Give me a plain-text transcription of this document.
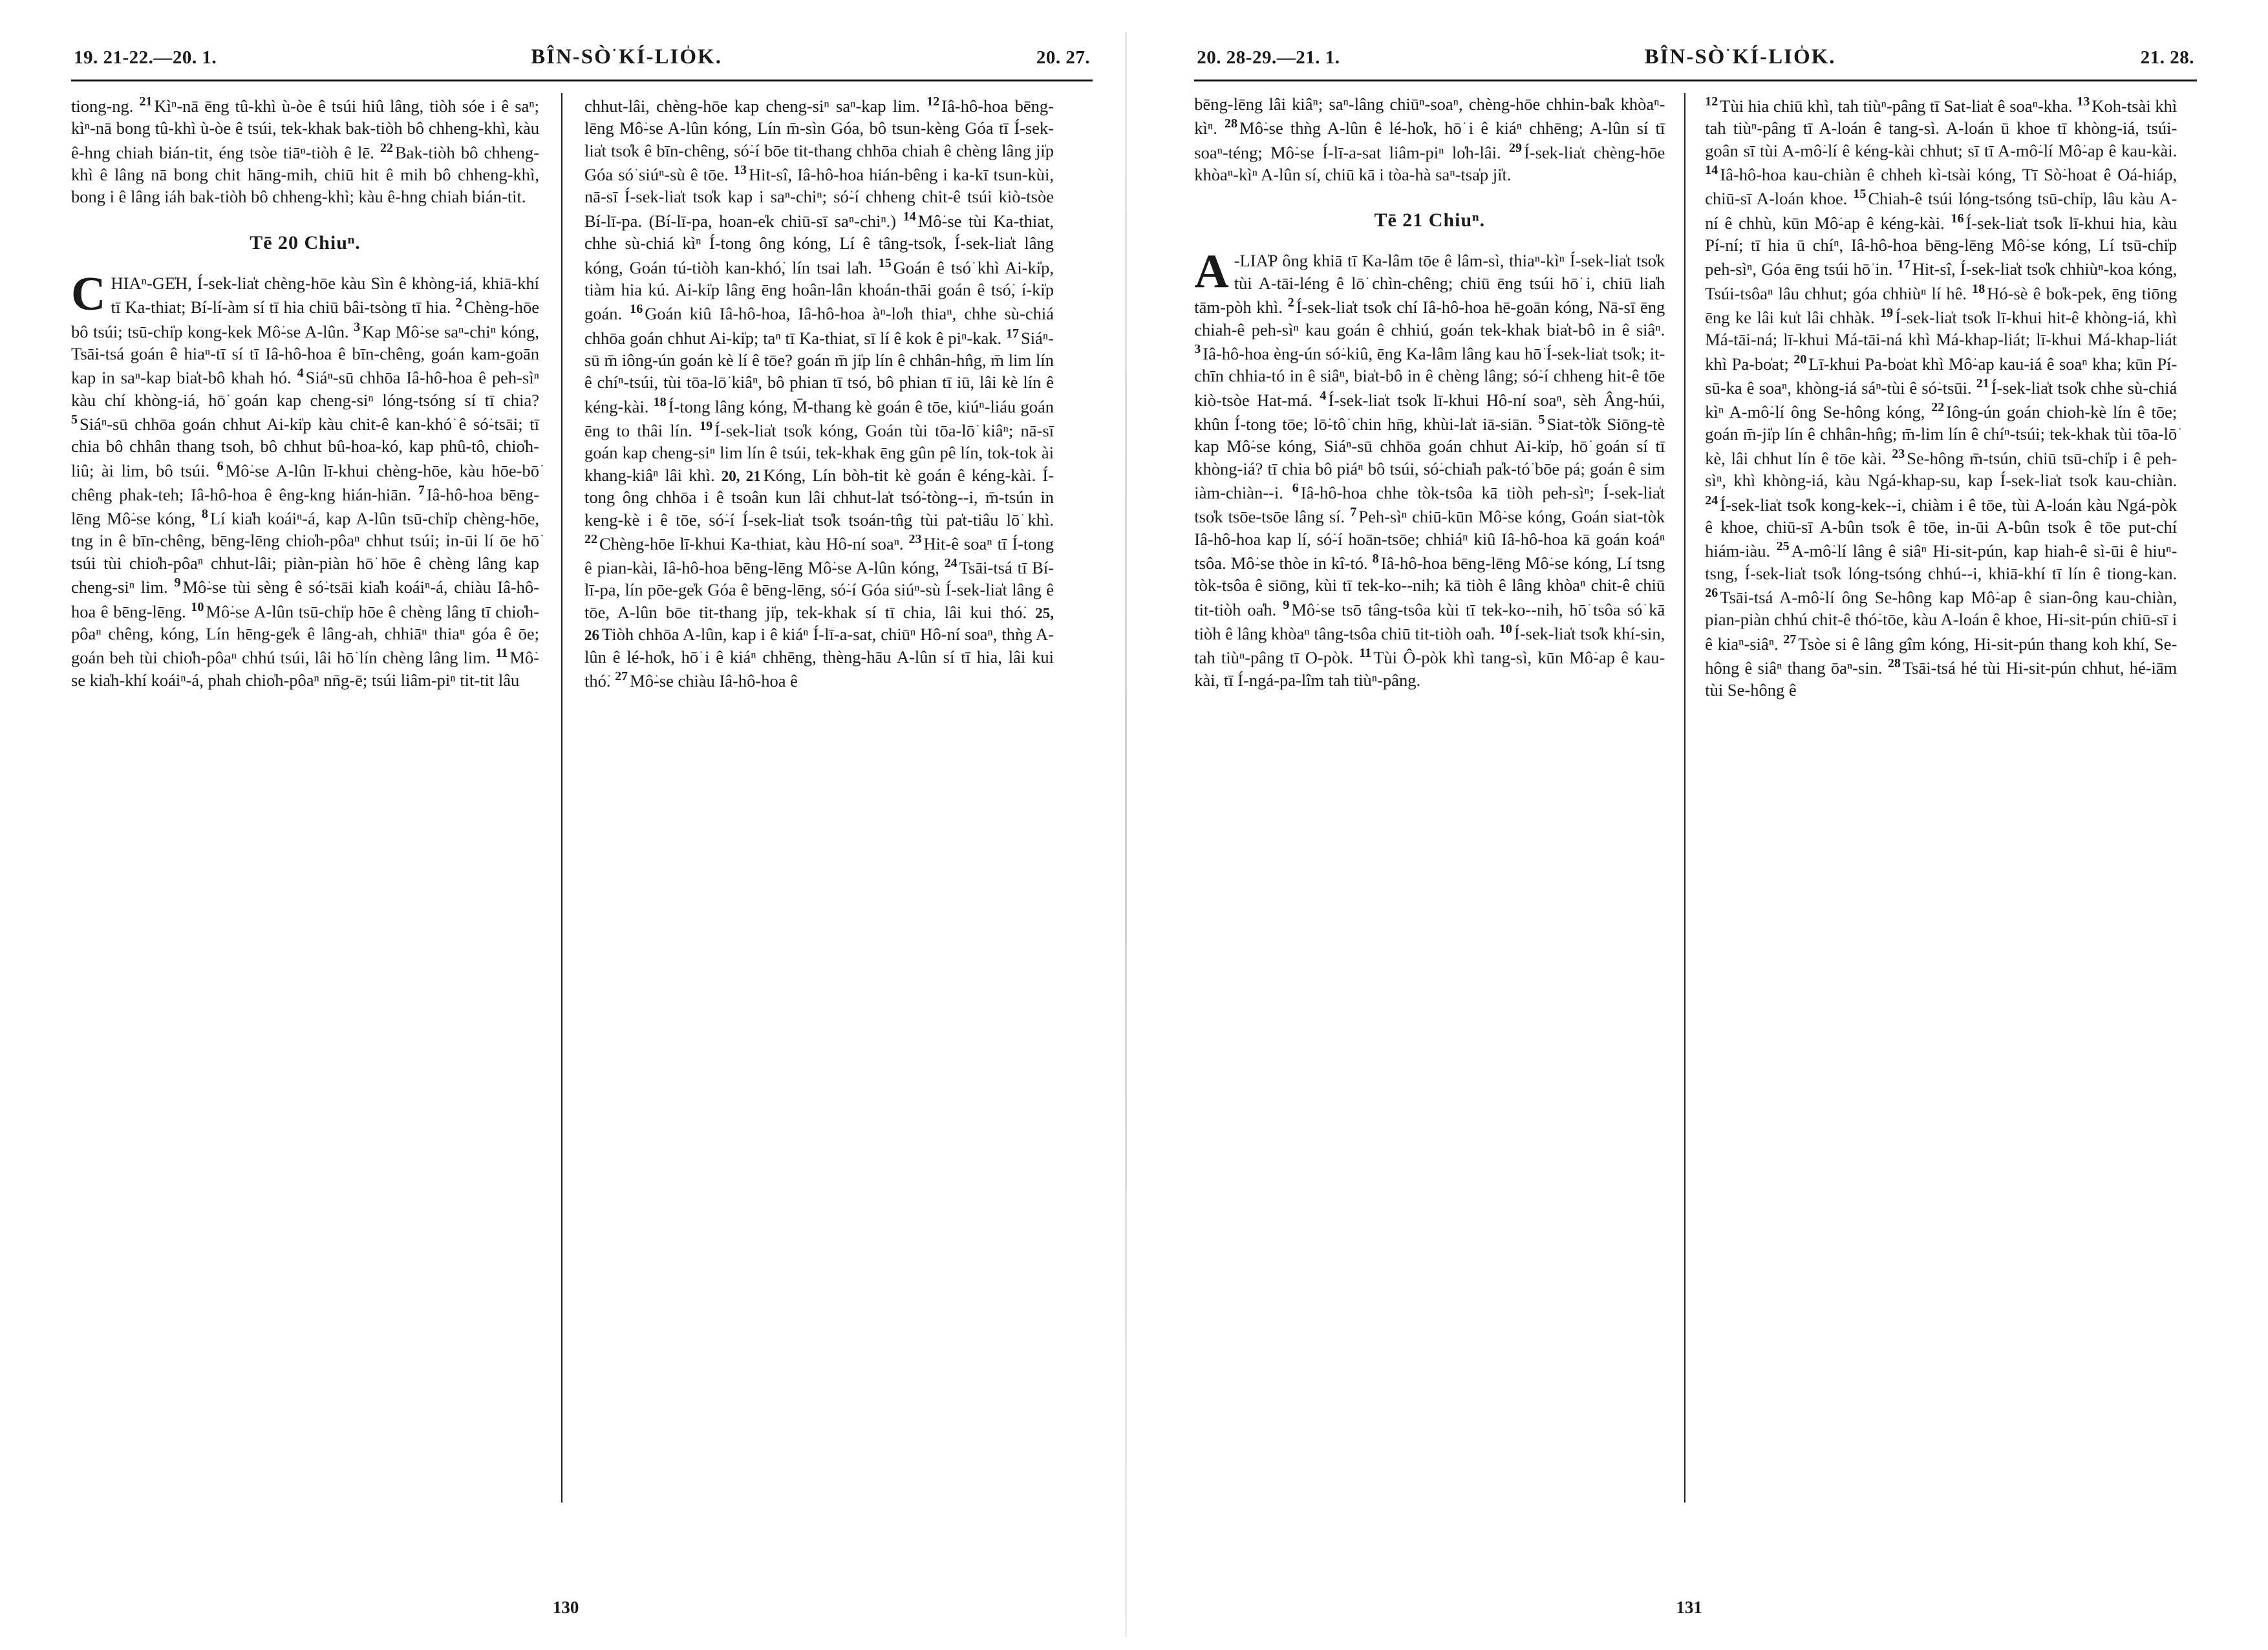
19. 21-22.—20. 1.	BÎN-SÒ͘ KÍ-LIO̍K.	20. 27.

tiong-ng. $^{21}$ Kìⁿ-nā ēng tû-khì ù-òe ê tsúi hiû lâng, tiòh sóe i ê saⁿ; kìⁿ-nā bong tû-khì ù-òe ê tsúi, tek-khak bak-tiòh bô chheng-khì, kàu ê-hng chiah bián-tit, éng tsòe tiāⁿ-tiòh ê lē. $^{22}$ Bak-tiòh bô chheng-khì ê lâng nā bong chit hāng-mih, chiū hit ê mih bô chheng-khì, bong i ê lâng iáh bak-tiòh bô chheng-khì; kàu ê-hng chiah bián-tit.

Tē 20 Chiuⁿ.

CHIAⁿ-GE̍H, Í-sek-lia̍t chèng-hōe kàu Sìn ê khòng-iá, khiā-khí tī Ka-thiat; Bí-lí-àm sí tī hia chiū bâi-tsòng tī hia. $^2$ Chèng-hōe bô tsúi; tsū-chi̍p kong-kek Mô͘-se A-lûn. $^3$ Kap Mô͘-se saⁿ-chiⁿ kóng, Tsāi-tsá goán ê hiaⁿ-tī sí tī Iâ-hô-hoa ê bīn-chêng, goán kam-goān kap in saⁿ-kap bia̍t-bô khah hó. $^4$ Siáⁿ-sū chhōa Iâ-hô-hoa ê peh-sìⁿ kàu chí khòng-iá, hō͘ goán kap cheng-siⁿ lóng-tsóng sí tī chia? $^5$ Siáⁿ-sū chhōa goán chhut Ai-ki̍p kàu chit-ê kan-khó͘ ê só͘-tsāi; tī chia bô chhân thang tsoh, bô chhut bû-hoa-kó, kap phû-tô, chio̍h-liû; ài lim, bô tsúi. $^6$ Mô͘-se A-lûn lī-khui chèng-hōe, kàu hōe-bō͘ chêng phak-teh; Iâ-hô-hoa ê êng-kng hián-hiān. $^7$ Iâ-hô-hoa bēng-lēng Mô͘-se kóng, $^8$ Lí kia̍h koáiⁿ-á, kap A-lûn tsū-chi̍p chèng-hōe, tng in ê bīn-chêng, bēng-lēng chio̍h-pôaⁿ chhut tsúi; in-ūi lí ōe hō͘ tsúi tùi chio̍h-pôaⁿ chhut-lâi; piàn-piàn hō͘ hōe ê chèng lâng kap cheng-siⁿ lim. $^9$ Mô͘-se tùi sèng ê só͘-tsāi kia̍h koáiⁿ-á, chiàu Iâ-hô-hoa ê bēng-lēng. $^{10}$ Mô͘-se A-lûn tsū-chi̍p hōe ê chèng lâng tī chio̍h-pôaⁿ chêng, kóng, Lín hēng-ge̍k ê lâng-ah, chhiāⁿ thiaⁿ góa ê ōe; goán beh tùi chio̍h-pôaⁿ chhú tsúi, lâi hō͘ lín chèng lâng lim. $^{11}$ Mô͘-se kia̍h-khí koáiⁿ-á, phah chio̍h-pôaⁿ nn̄g-ē; tsúi liâm-piⁿ tit-tit lâu

chhut-lâi, chèng-hōe kap cheng-siⁿ saⁿ-kap lim. $^{12}$ Iâ-hô-hoa bēng-lēng Mô͘-se A-lûn kóng, Lín m̄-sìn Góa, bô tsun-kèng Góa tī Í-sek-lia̍t tso̍k ê bīn-chêng, só͘-í bōe tit-thang chhōa chiah ê chèng lâng ji̍p Góa só͘ siúⁿ-sù ê tōe. $^{13}$ Hit-sî, Iâ-hô-hoa hián-bêng i ka-kī tsun-kùi, nā-sī Í-sek-lia̍t tso̍k kap i saⁿ-chiⁿ; só͘-í chheng chit-ê tsúi kiò-tsòe Bí-lī-pa. (Bí-lī-pa, hoan-e̍k chiū-sī saⁿ-chiⁿ.) $^{14}$ Mô͘-se tùi Ka-thiat, chhe sù-chiá kìⁿ Í-tong ông kóng, Lí ê tâng-tso̍k, Í-sek-lia̍t lâng kóng, Goán tú-tiòh kan-khó͘, lín tsai la̍h. $^{15}$ Goán ê tsó͘ khì Ai-ki̍p, tiàm hia kú. Ai-ki̍p lâng ēng hoân-lân khoán-thāi goán ê tsó͘, í-ki̍p goán. $^{16}$ Goán kiû Iâ-hô-hoa, Iâ-hô-hoa àⁿ-lo̍h thiaⁿ, chhe sù-chiá chhōa goán chhut Ai-ki̍p; taⁿ tī Ka-thiat, sī lí ê kok ê piⁿ-kak. $^{17}$ Siáⁿ-sū m̄ iông-ún goán kè lí ê tōe? goán m̄ ji̍p lín ê chhân-hn̂g, m̄ lim lín ê chíⁿ-tsúi, tùi tōa-lō͘ kiâⁿ, bô phian tī tsó, bô phian tī iū, lâi kè lín ê kéng-kài. $^{18}$ Í-tong lâng kóng, M̄-thang kè goán ê tōe, kiúⁿ-liáu goán ēng to thâi lín. $^{19}$ Í-sek-lia̍t tso̍k kóng, Goán tùi tōa-lō͘ kiâⁿ; nā-sī goán kap cheng-siⁿ lim lín ê tsúi, tek-khak ēng gûn pê lín, tok-tok ài khang-kiâⁿ lâi khì. 20, 21 Kóng, Lín bòh-tit kè goán ê kéng-kài. Í-tong ông chhōa i ê tsoân kun lâi chhut-la̍t tsó͘-tòng--i, m̄-tsún in keng-kè i ê tōe, só͘-í Í-sek-lia̍t tso̍k tsoán-tn̂g tùi pa̍t-tiâu lō͘ khì. $^{22}$ Chèng-hōe lī-khui Ka-thiat, kàu Hô-ní soaⁿ. $^{23}$ Hit-ê soaⁿ tī Í-tong ê pian-kài, Iâ-hô-hoa bēng-lēng Mô͘-se A-lûn kóng, $^{24}$ Tsāi-tsá tī Bí-lī-pa, lín pōe-ge̍k Góa ê bēng-lēng, só͘-í Góa siúⁿ-sù Í-sek-lia̍t lâng ê tōe, A-lûn bōe tit-thang ji̍p, tek-khak sí tī chia, lâi kui thó͘. 25, 26 Tiòh chhōa A-lûn, kap i ê kiáⁿ Í-lī-a-sat, chiūⁿ Hô-ní soaⁿ, thǹg A-lûn ê lé-ho̍k, hō͘ i ê kiáⁿ chhēng, thèng-hāu A-lûn sí tī hia, lâi kui thó͘. $^{27}$ Mô͘-se chiàu Iâ-hô-hoa ê

130
20. 28-29.—21. 1.	BÎN-SÒ͘ KÍ-LIO̍K.	21. 28.

bēng-lēng lâi kiâⁿ; saⁿ-lâng chiūⁿ-soaⁿ, chèng-hōe chhin-ba̍k khòaⁿ-kìⁿ. $^{28}$ Mô͘-se thǹg A-lûn ê lé-ho̍k, hō͘ i ê kiáⁿ chhēng; A-lûn sí tī soaⁿ-téng; Mô͘-se Í-lī-a-sat liâm-piⁿ lo̍h-lâi. $^{29}$ Í-sek-lia̍t chèng-hōe khòaⁿ-kìⁿ A-lûn sí, chiū kā i tòa-hà saⁿ-tsa̍p ji̍t.

Tē 21 Chiuⁿ.

A -LIA̍P ông khiā tī Ka-lâm tōe ê lâm-sì, thiaⁿ-kìⁿ Í-sek-lia̍t tso̍k tùi A-tāi-léng ê lō͘ chìn-chêng; chiū ēng tsúi hō͘ i, chiū lia̍h tām-pòh khì. $^2$ Í-sek-lia̍t tso̍k chí Iâ-hô-hoa hē-goān kóng, Nā-sī ēng chiah-ê peh-sìⁿ kau goán ê chhiú, goán tek-khak bia̍t-bô in ê siâⁿ. $^3$ Iâ-hô-hoa èng-ún só͘-kiû, ēng Ka-lâm lâng kau hō͘ Í-sek-lia̍t tso̍k; it-chīn chhia-tó in ê siâⁿ, bia̍t-bô in ê chèng lâng; só͘-í chheng hit-ê tōe kiò-tsòe Hat-má. $^4$ Í-sek-lia̍t tso̍k lī-khui Hô-ní soaⁿ, sèh Âng-húi, khûn Í-tong tōe; lō͘-tô͘ chin hn̄g, khùi-la̍t iā-siān. $^5$ Siat-tò̍k Siōng-tè kap Mô͘-se kóng, Siáⁿ-sū chhōa goán chhut Ai-ki̍p, hō͘ goán sí tī khòng-iá? tī chia bô piáⁿ bô tsúi, só͘-chia̍h pa̍k-tó͘ bōe pá; goán ê sim iàm-chiàn--i. $^6$ Iâ-hô-hoa chhe tòk-tsôa kā tiòh peh-sìⁿ; Í-sek-lia̍t tso̍k tsōe-tsōe lâng sí. $^7$ Peh-sìⁿ chiū-kūn Mô͘-se kóng, Goán siat-tòk Iâ-hô-hoa kap lí, só͘-í hoān-tsōe; chhiáⁿ kiû Iâ-hô-hoa kā goán koáⁿ tsôa. Mô͘-se thòe in kî-tó. $^8$ Iâ-hô-hoa bēng-lēng Mô͘-se kóng, Lí tsng tòk-tsôa ê siōng, kùi tī tek-ko--nih; kā tiòh ê lâng khòaⁿ chit-ê chiū tit-tiòh oa̍h. $^9$ Mô͘-se tsō tâng-tsôa kùi tī tek-ko--nih, hō͘ tsôa só͘ kā tiòh ê lâng khòaⁿ tâng-tsôa chiū tit-tiòh oa̍h. $^{10}$ Í-sek-lia̍t tso̍k khí-sin, tah tiùⁿ-pâng tī O-pòk. $^{11}$ Tùi Ô-pòk khì tang-sì, kūn Mô͘-ap ê kau-kài, tī Í-ngá-pa-lîm tah tiùⁿ-pâng.

$^{12}$ Tùi hia chiū khì, tah tiùⁿ-pâng tī Sat-lia̍t ê soaⁿ-kha. $^{13}$ Koh-tsài khì tah tiùⁿ-pâng tī A-loán ê tang-sì. A-loán ū khoe tī khòng-iá, tsúi-goân sī tùi A-mô͘-lí ê kéng-kài chhut; sī tī A-mô͘-lí Mô͘-ap ê kau-kài. $^{14}$ Iâ-hô-hoa kau-chiàn ê chheh kì-tsài kóng, Tī Sò͘-hoat ê Oá-hiáp, chiū-sī A-loán khoe. $^{15}$ Chiah-ê tsúi lóng-tsóng tsū-chi̍p, lâu kàu A-ní ê chhù, kūn Mô͘-ap ê kéng-kài. $^{16}$ Í-sek-lia̍t tso̍k lī-khui hia, kàu Pí-ní; tī hia ū chíⁿ, Iâ-hô-hoa bēng-lēng Mô͘-se kóng, Lí tsū-chi̍p peh-sìⁿ, Góa ēng tsúi hō͘ in. $^{17}$ Hit-sî, Í-sek-lia̍t tso̍k chhiùⁿ-koa kóng, Tsúi-tsôaⁿ lâu chhut; góa chhiùⁿ lí hê. $^{18}$ Hó-sè ê bo̍k-pek, ēng tiōng ēng ke lâi ku̍t lâi chhàk. $^{19}$ Í-sek-lia̍t tso̍k lī-khui hit-ê khòng-iá, khì Má-tāi-ná; lī-khui Má-tāi-ná khì Má-khap-liát; lī-khui Má-khap-liát khì Pa-bo̍at; $^{20}$ Lī-khui Pa-bo̍at khì Mô͘-ap kau-iá ê soaⁿ kha; kūn Pí-sū-ka ê soaⁿ, khòng-iá sáⁿ-tùi ê só͘-tsūi. $^{21}$ Í-sek-lia̍t tso̍k chhe sù-chiá kìⁿ A-mô͘-lí ông Se-hông kóng, $^{22}$ Iông-ún goán chioh-kè lín ê tōe; goán m̄-ji̍p lín ê chhân-hn̂g; m̄-lim lín ê chíⁿ-tsúi; tek-khak tùi tōa-lō͘ kè, lâi chhut lín ê tōe kài. $^{23}$ Se-hông m̄-tsún, chiū tsū-chi̍p i ê peh-sìⁿ, khì khòng-iá, kàu Ngá-khap-su, kap Í-sek-lia̍t tso̍k kau-chiàn. $^{24}$ Í-sek-lia̍t tso̍k kong-kek--i, chiàm i ê tōe, tùi A-loán kàu Ngá-pòk ê khoe, chiū-sī A-bûn tso̍k ê tōe, in-ūi A-bûn tso̍k ê tōe put-chí hiám-iàu. $^{25}$ A-mô͘-lí lâng ê siâⁿ Hi-sit-pún, kap hiah-ê sì-ūi ê hiuⁿ-tsng, Í-sek-lia̍t tso̍k lóng-tsóng chhú--i, khiā-khí tī lín ê tiong-kan. $^{26}$ Tsāi-tsá A-mô͘-lí ông Se-hông kap Mô͘-ap ê sian-ông kau-chiàn, pian-piàn chhú chit-ê thó͘-tōe, kàu A-loán ê khoe, Hi-sit-pún chiū-sī i ê kiaⁿ-siâⁿ. $^{27}$ Tsòe si ê lâng gîm kóng, Hi-sit-pún thang koh khí, Se-hông ê siâⁿ thang ōaⁿ-sin. $^{28}$ Tsāi-tsá hé tùi Hi-sit-pún chhut, hé-iām tùi Se-hông ê

131
